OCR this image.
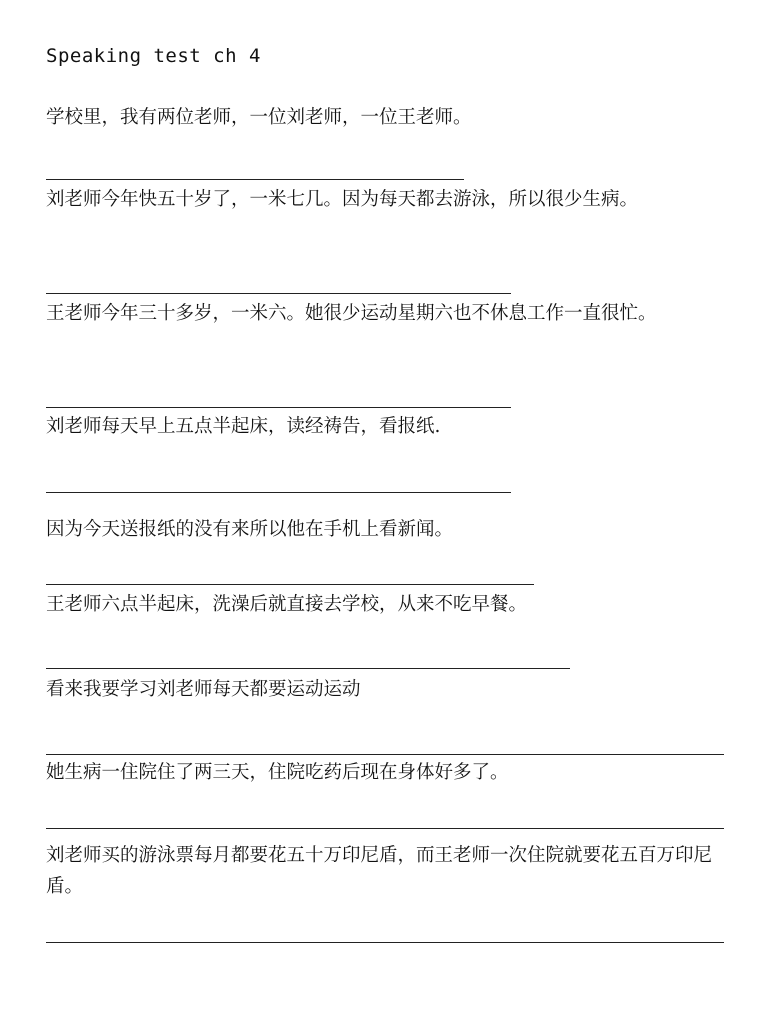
Speaking test ch 4

学校里，我有两位老师，一位刘老师，一位王老师。

刘老师今年快五十岁了，一米七几。因为每天都去游泳，所以很少生病。

王老师今年三十多岁，一米六。她很少运动星期六也不休息工作一直很忙。

刘老师每天早上五点半起床，读经祷告，看报纸.

因为今天送报纸的没有来所以他在手机上看新闻。

王老师六点半起床，洗澡后就直接去学校，从来不吃早餐。

看来我要学习刘老师每天都要运动运动

她生病一住院住了两三天，住院吃药后现在身体好多了。

刘老师买的游泳票每月都要花五十万印尼盾，而王老师一次住院就要花五百万印尼盾。
